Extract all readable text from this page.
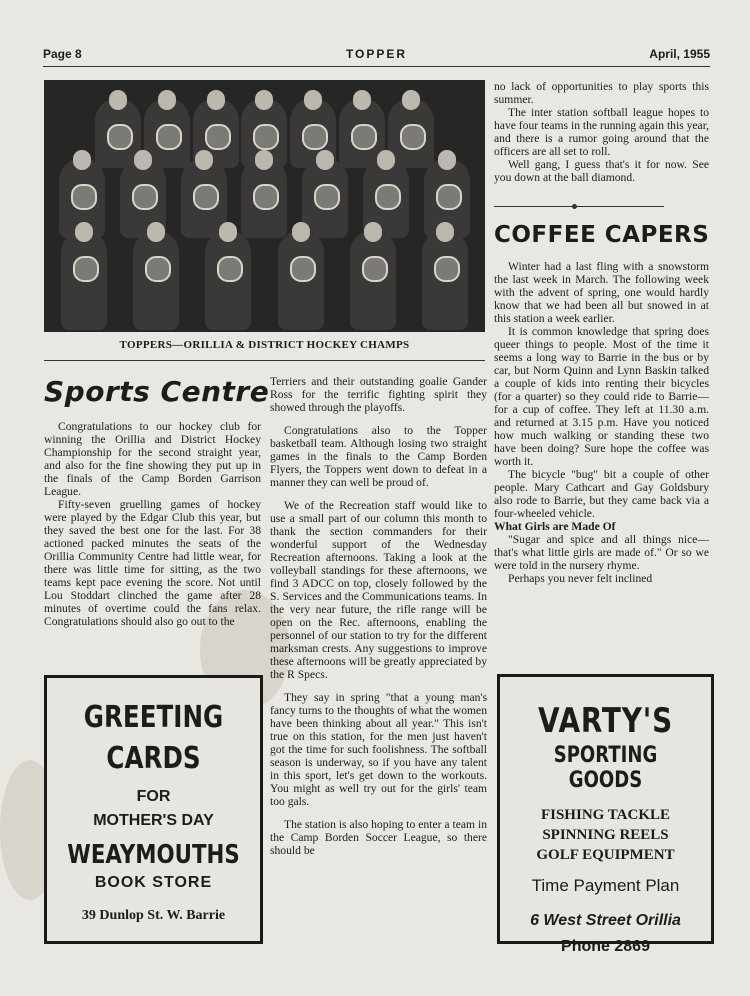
Page 8	TOPPER	April, 1955
TOPPERS—ORILLIA & DISTRICT HOCKEY CHAMPS
Sports Centre

Congratulations to our hockey club for winning the Orillia and District Hockey Championship for the second straight year, and also for the fine showing they put up in the finals of the Camp Borden Garrison League.

Fifty-seven gruelling games of hockey were played by the Edgar Club this year, but they saved the best one for the last. For 38 actioned packed minutes the seats of the Orillia Community Centre had little wear, for there was little time for sitting, as the two teams kept pace evening the score. Not until Lou Stoddart clinched the game after 28 minutes of overtime could the fans relax. Congratulations should also go out to the

Terriers and their outstanding goalie Gander Ross for the terrific fighting spirit they showed through the playoffs.

Congratulations also to the Topper basketball team. Although losing two straight games in the finals to the Camp Borden Flyers, the Toppers went down to defeat in a manner they can well be proud of.

We of the Recreation staff would like to use a small part of our column this month to thank the section commanders for their wonderful support of the Wednesday Recreation afternoons. Taking a look at the volleyball standings for these afternoons, we find 3 ADCC on top, closely followed by the S. Services and the Communications teams. In the very near future, the rifle range will be open on the Rec. afternoons, enabling the personnel of our station to try for the different marksman crests. Any suggestions to improve these afternoons will be greatly appreciated by the R Specs.

They say in spring "that a young man's fancy turns to the thoughts of what the women have been thinking about all year." This isn't true on this station, for the men just haven't got the time for such foolishness. The softball season is underway, so if you have any talent in this sport, let's get down to the workouts. You might as well try out for the girls' team too gals.

The station is also hoping to enter a team in the Camp Borden Soccer League, so there should be

no lack of opportunities to play sports this summer.

The inter station softball league hopes to have four teams in the running again this year, and there is a rumor going around that the officers are all set to roll.

Well gang, I guess that's it for now. See you down at the ball diamond.

COFFEE CAPERS

Winter had a last fling with a snowstorm the last week in March. The following week with the advent of spring, one would hardly know that we had been all but snowed in at this station a week earlier.

It is common knowledge that spring does queer things to people. Most of the time it seems a long way to Barrie in the bus or by car, but Norm Quinn and Lynn Baskin talked a couple of kids into renting their bicycles (for a quarter) so they could ride to Barrie—for a cup of coffee. They left at 11.30 a.m. and returned at 3.15 p.m. Have you noticed how much walking or standing these two have been doing? Sure hope the coffee was worth it.

The bicycle "bug" bit a couple of other people. Mary Cathcart and Gay Goldsbury also rode to Barrie, but they came back via a four-wheeled vehicle.

What Girls are Made Of

"Sugar and spice and all things nice—that's what little girls are made of." Or so we were told in the nursery rhyme.

Perhaps you never felt inclined

GREETING
CARDS
FOR
MOTHER'S DAY
WEAYMOUTHS
BOOK STORE
39 Dunlop St. W. Barrie
VARTY'S
SPORTING GOODS
FISHING TACKLE
SPINNING REELS
GOLF EQUIPMENT
Time Payment Plan
6 West Street Orillia
Phone 2869
